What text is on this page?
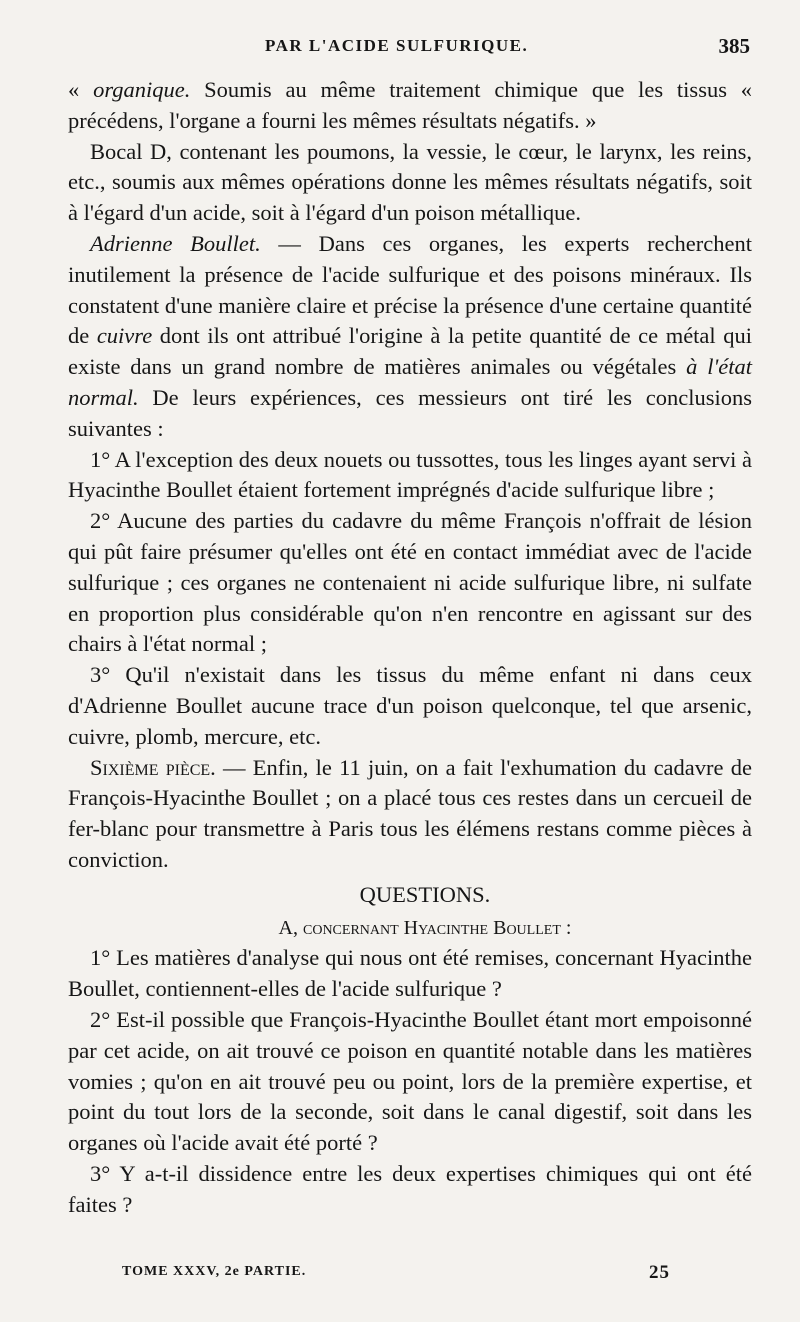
PAR L'ACIDE SULFURIQUE.	385

« organique. Soumis au même traitement chimique que les tissus « précédens, l'organe a fourni les mêmes résultats négatifs. »

Bocal D, contenant les poumons, la vessie, le cœur, le larynx, les reins, etc., soumis aux mêmes opérations donne les mêmes résultats négatifs, soit à l'égard d'un acide, soit à l'égard d'un poison métallique.

Adrienne Boullet. — Dans ces organes, les experts recherchent inutilement la présence de l'acide sulfurique et des poisons minéraux. Ils constatent d'une manière claire et précise la présence d'une certaine quantité de cuivre dont ils ont attribué l'origine à la petite quantité de ce métal qui existe dans un grand nombre de matières animales ou végétales à l'état normal. De leurs expériences, ces messieurs ont tiré les conclusions suivantes :

1° A l'exception des deux nouets ou tussottes, tous les linges ayant servi à Hyacinthe Boullet étaient fortement imprégnés d'acide sulfurique libre ;

2° Aucune des parties du cadavre du même François n'offrait de lésion qui pût faire présumer qu'elles ont été en contact immédiat avec de l'acide sulfurique ; ces organes ne contenaient ni acide sulfurique libre, ni sulfate en proportion plus considérable qu'on n'en rencontre en agissant sur des chairs à l'état normal ;

3° Qu'il n'existait dans les tissus du même enfant ni dans ceux d'Adrienne Boullet aucune trace d'un poison quelconque, tel que arsenic, cuivre, plomb, mercure, etc.

Sixième pièce. — Enfin, le 11 juin, on a fait l'exhumation du cadavre de François-Hyacinthe Boullet ; on a placé tous ces restes dans un cercueil de fer-blanc pour transmettre à Paris tous les élémens restans comme pièces à conviction.

QUESTIONS.

A, concernant Hyacinthe Boullet :

1° Les matières d'analyse qui nous ont été remises, concernant Hyacinthe Boullet, contiennent-elles de l'acide sulfurique ?

2° Est-il possible que François-Hyacinthe Boullet étant mort empoisonné par cet acide, on ait trouvé ce poison en quantité notable dans les matières vomies ; qu'on en ait trouvé peu ou point, lors de la première expertise, et point du tout lors de la seconde, soit dans le canal digestif, soit dans les organes où l'acide avait été porté ?

3° Y a-t-il dissidence entre les deux expertises chimiques qui ont été faites ?

TOME XXXV, 2e PARTIE.	25
